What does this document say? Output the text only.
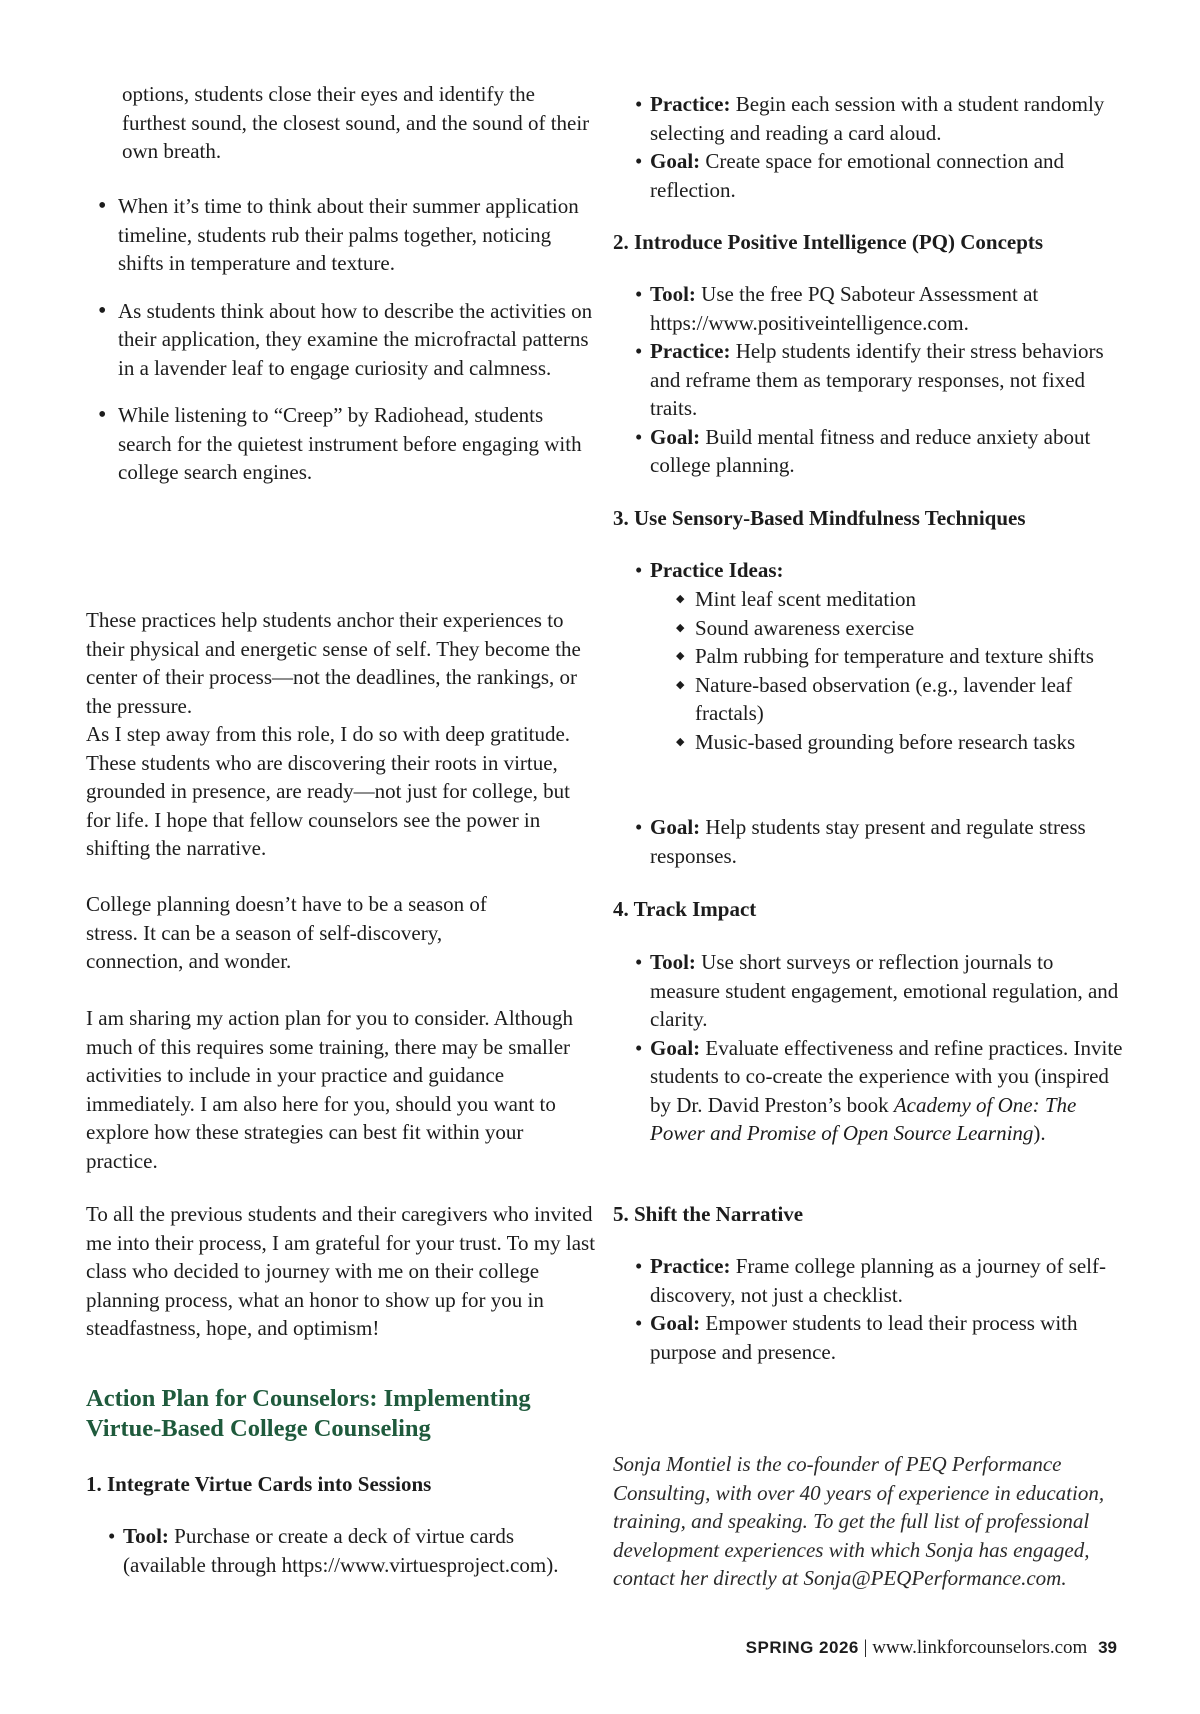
options, students close their eyes and identify the furthest sound, the closest sound, and the sound of their own breath.

• When it’s time to think about their summer application timeline, students rub their palms together, noticing shifts in temperature and texture.
• As students think about how to describe the activities on their application, they examine the microfractal patterns in a lavender leaf to engage curiosity and calmness.
• While listening to “Creep” by Radiohead, students search for the quietest instrument before engaging with college search engines.

These practices help students anchor their experiences to their physical and energetic sense of self. They become the center of their process—not the deadlines, the rankings, or the pressure.

As I step away from this role, I do so with deep gratitude. These students who are discovering their roots in virtue, grounded in presence, are ready—not just for college, but for life. I hope that fellow counselors see the power in shifting the narrative.

College planning doesn’t have to be a season of stress. It can be a season of self-discovery, connection, and wonder.

I am sharing my action plan for you to consider. Although much of this requires some training, there may be smaller activities to include in your practice and guidance immediately. I am also here for you, should you want to explore how these strategies can best fit within your practice.

To all the previous students and their caregivers who invited me into their process, I am grateful for your trust. To my last class who decided to journey with me on their college planning process, what an honor to show up for you in steadfastness, hope, and optimism!

Action Plan for Counselors: Implementing Virtue-Based College Counseling

1. Integrate Virtue Cards into Sessions

• Tool: Purchase or create a deck of virtue cards (available through https://www.virtuesproject.com).
• Practice: Begin each session with a student randomly selecting and reading a card aloud.
• Goal: Create space for emotional connection and reflection.

2. Introduce Positive Intelligence (PQ) Concepts

• Tool: Use the free PQ Saboteur Assessment at https://www.positiveintelligence.com.
• Practice: Help students identify their stress behaviors and reframe them as temporary responses, not fixed traits.
• Goal: Build mental fitness and reduce anxiety about college planning.

3. Use Sensory-Based Mindfulness Techniques

• Practice Ideas:
◆ Mint leaf scent meditation
◆ Sound awareness exercise
◆ Palm rubbing for temperature and texture shifts
◆ Nature-based observation (e.g., lavender leaf fractals)
◆ Music-based grounding before research tasks
• Goal: Help students stay present and regulate stress responses.

4. Track Impact

• Tool: Use short surveys or reflection journals to measure student engagement, emotional regulation, and clarity.
• Goal: Evaluate effectiveness and refine practices. Invite students to co-create the experience with you (inspired by Dr. David Preston’s book Academy of One: The Power and Promise of Open Source Learning).

5. Shift the Narrative

• Practice: Frame college planning as a journey of self-discovery, not just a checklist.
• Goal: Empower students to lead their process with purpose and presence.

Sonja Montiel is the co-founder of PEQ Performance Consulting, with over 40 years of experience in education, training, and speaking. To get the full list of professional development experiences with which Sonja has engaged, contact her directly at Sonja@PEQPerformance.com.

SPRING 2026 | www.linkforcounselors.com 39
